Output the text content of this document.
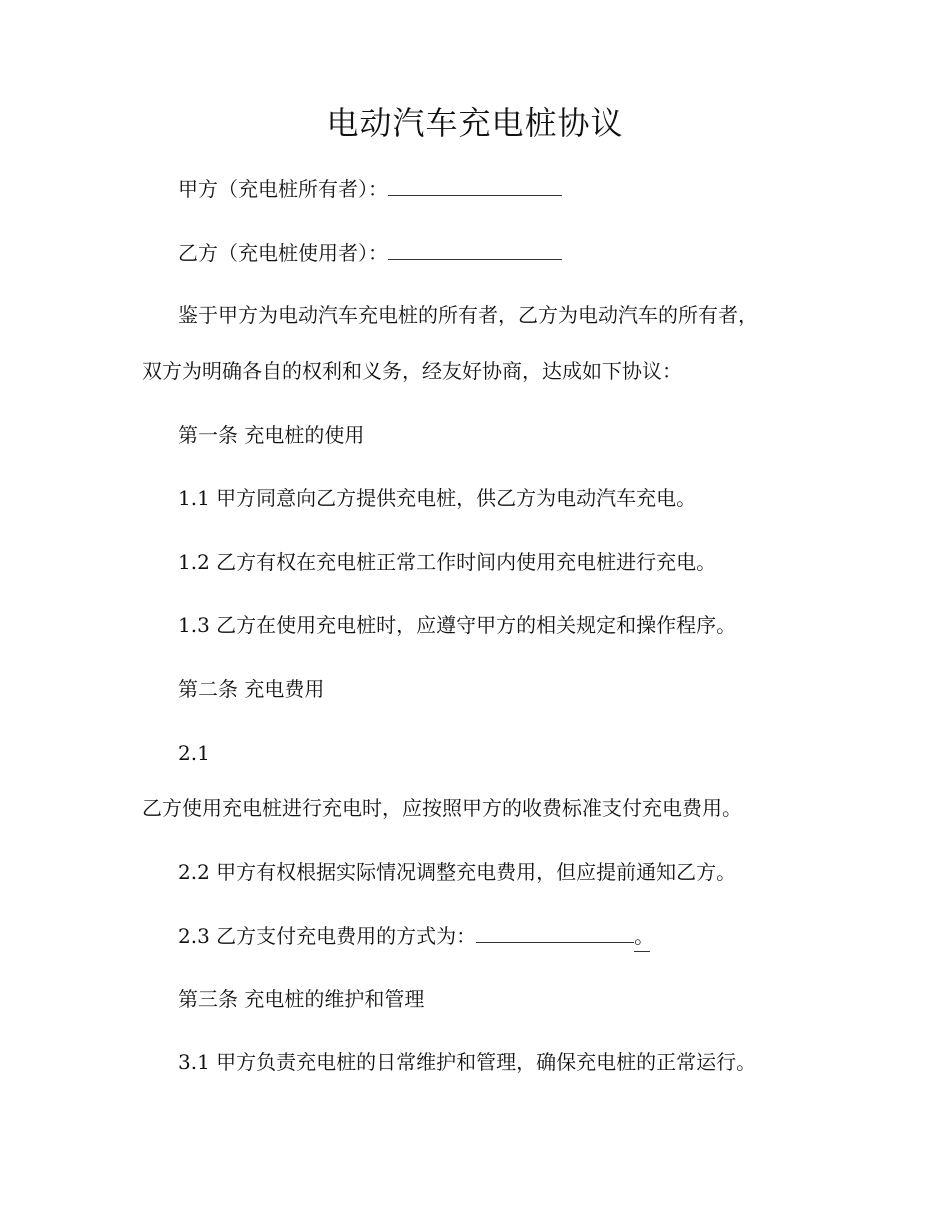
电动汽车充电桩协议
甲方（充电桩所有者）：
乙方（充电桩使用者）：
鉴于甲方为电动汽车充电桩的所有者，乙方为电动汽车的所有者，
双方为明确各自的权利和义务，经友好协商，达成如下协议：
第一条 充电桩的使用
1.1 甲方同意向乙方提供充电桩，供乙方为电动汽车充电。
1.2 乙方有权在充电桩正常工作时间内使用充电桩进行充电。
1.3 乙方在使用充电桩时，应遵守甲方的相关规定和操作程序。
第二条 充电费用
2.1
乙方使用充电桩进行充电时，应按照甲方的收费标准支付充电费用。
2.2 甲方有权根据实际情况调整充电费用，但应提前通知乙方。
2.3 乙方支付充电费用的方式为：	。
第三条 充电桩的维护和管理
3.1 甲方负责充电桩的日常维护和管理，确保充电桩的正常运行。
